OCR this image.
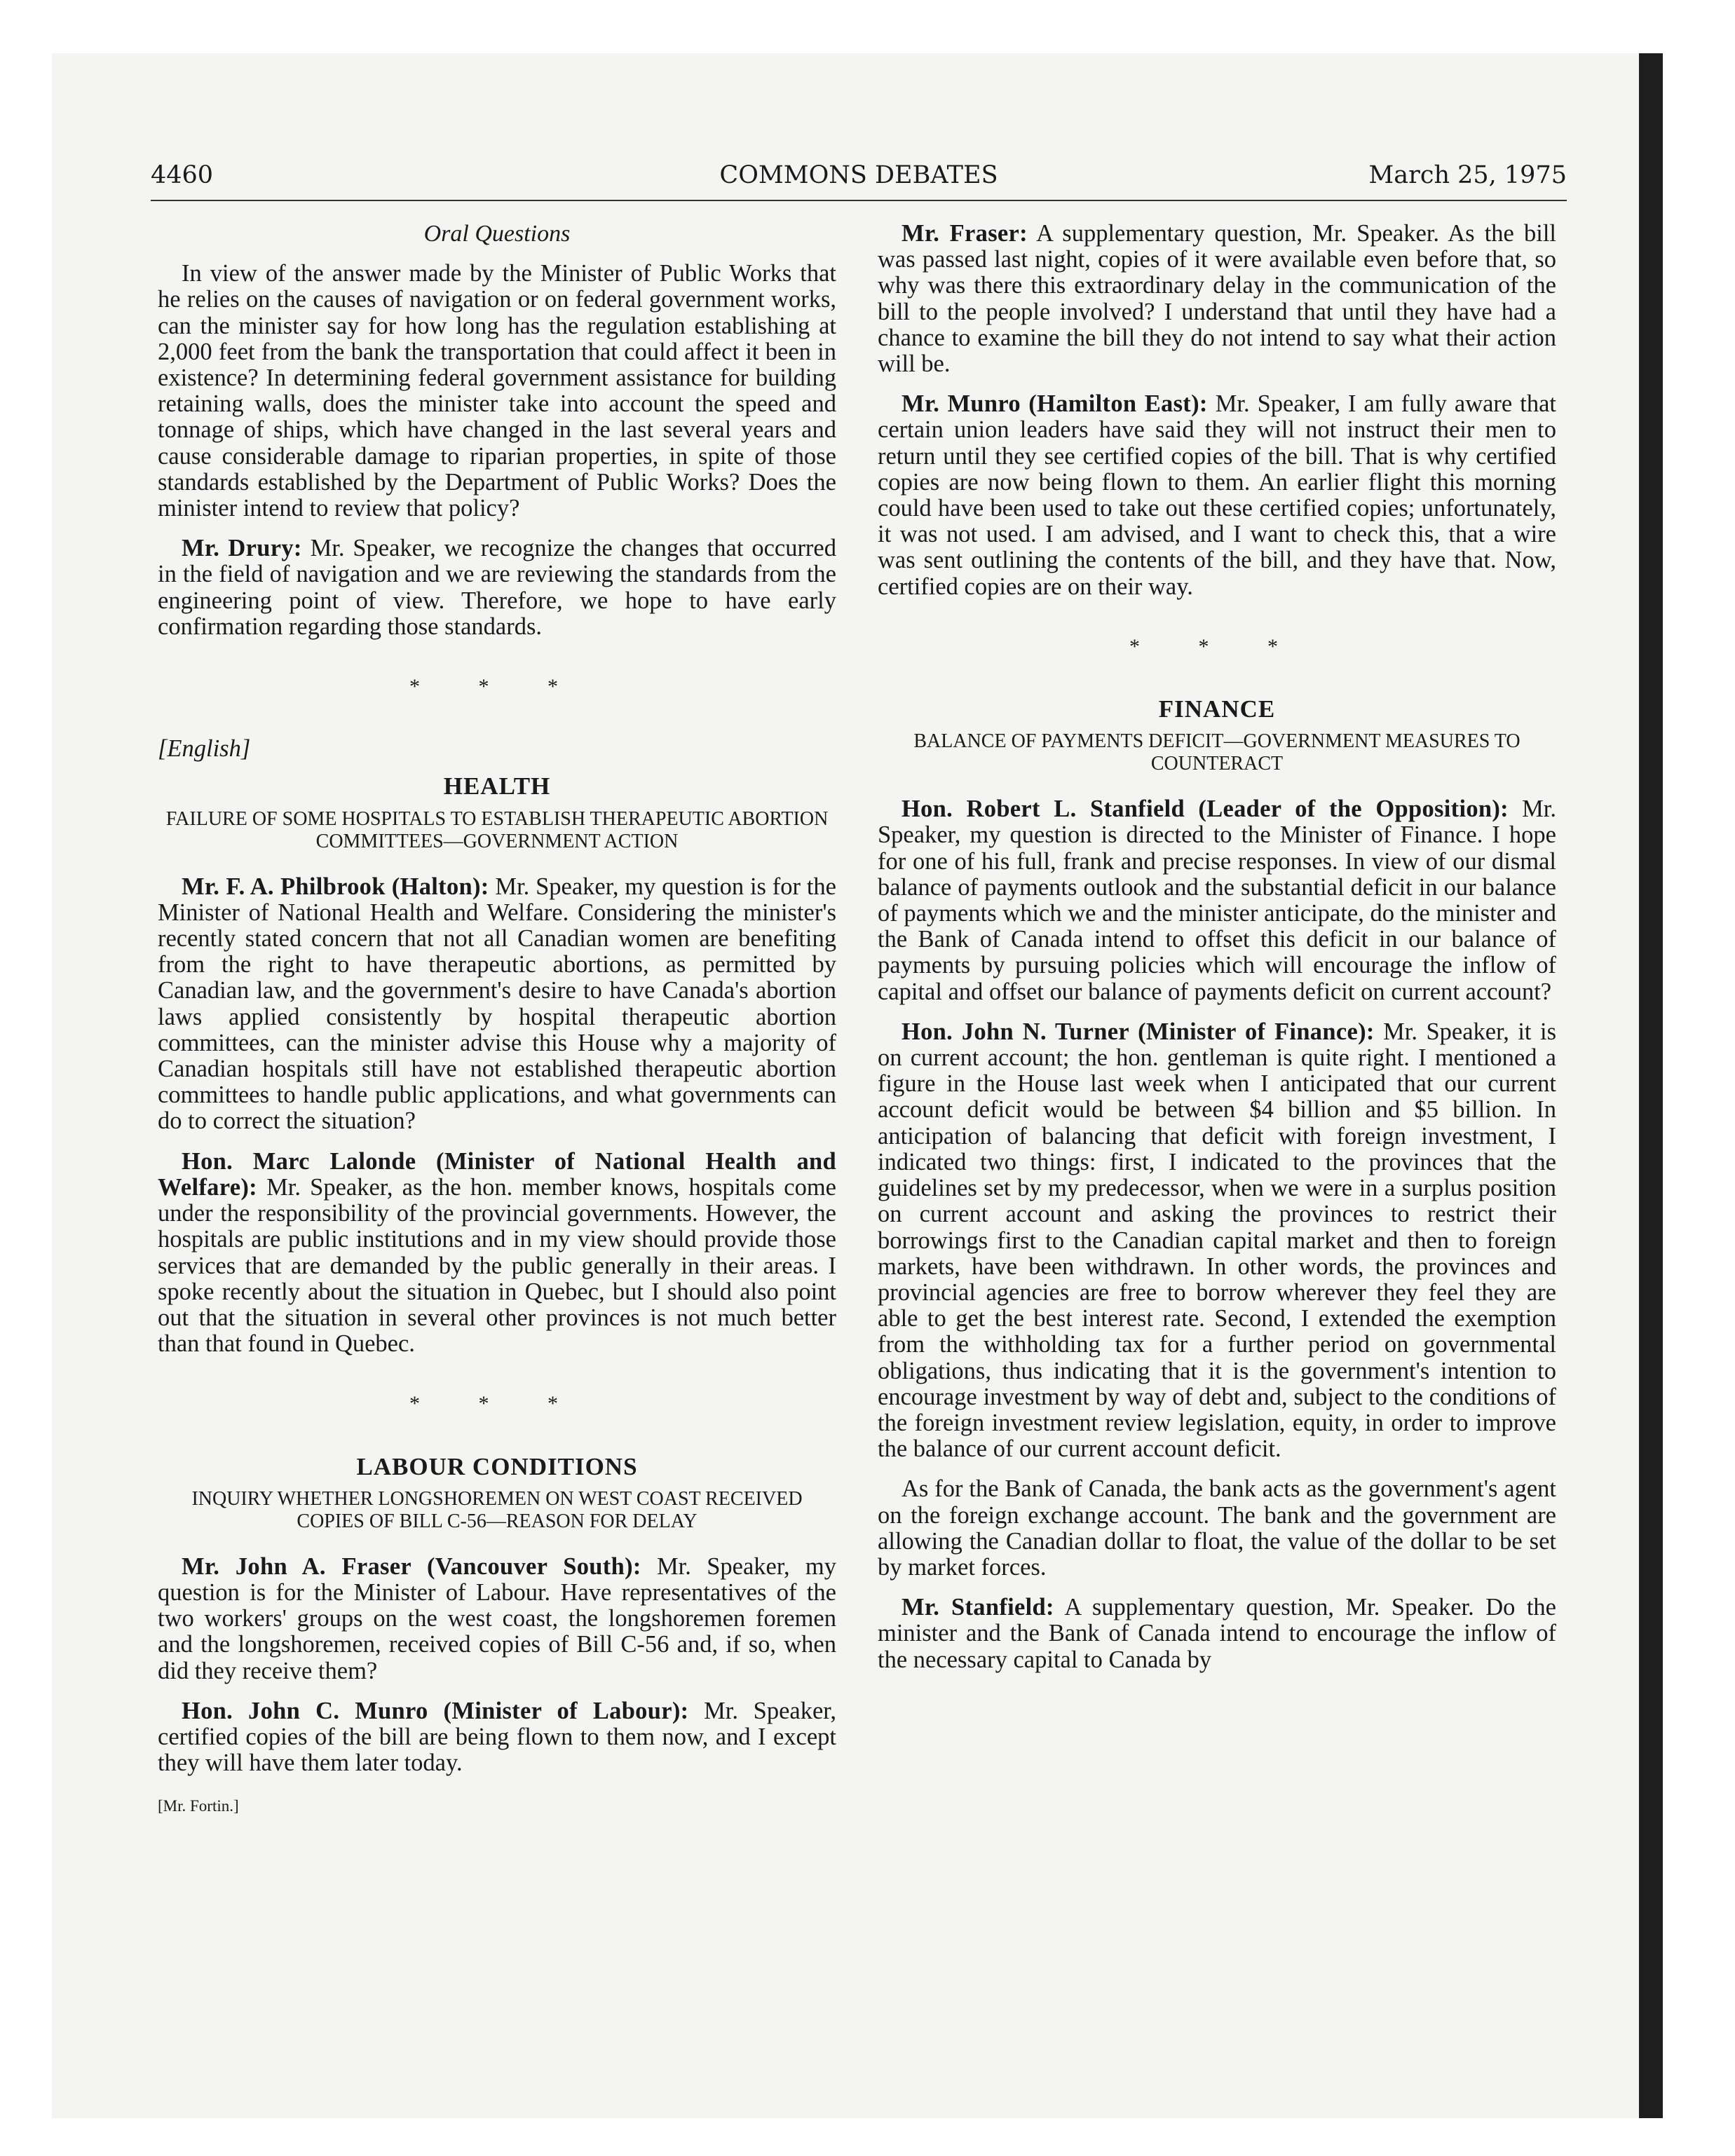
4460	COMMONS DEBATES	March 25, 1975

Oral Questions

In view of the answer made by the Minister of Public Works that he relies on the causes of navigation or on federal government works, can the minister say for how long has the regulation establishing at 2,000 feet from the bank the transportation that could affect it been in existence? In determining federal government assistance for building retaining walls, does the minister take into account the speed and tonnage of ships, which have changed in the last several years and cause considerable damage to riparian properties, in spite of those standards established by the Department of Public Works? Does the minister intend to review that policy?

Mr. Drury: Mr. Speaker, we recognize the changes that occurred in the field of navigation and we are reviewing the standards from the engineering point of view. Therefore, we hope to have early confirmation regarding those standards.

* * *

[English]

HEALTH

FAILURE OF SOME HOSPITALS TO ESTABLISH THERAPEUTIC ABORTION COMMITTEES—GOVERNMENT ACTION

Mr. F. A. Philbrook (Halton): Mr. Speaker, my question is for the Minister of National Health and Welfare. Considering the minister's recently stated concern that not all Canadian women are benefiting from the right to have therapeutic abortions, as permitted by Canadian law, and the government's desire to have Canada's abortion laws applied consistently by hospital therapeutic abortion committees, can the minister advise this House why a majority of Canadian hospitals still have not established therapeutic abortion committees to handle public applications, and what governments can do to correct the situation?

Hon. Marc Lalonde (Minister of National Health and Welfare): Mr. Speaker, as the hon. member knows, hospitals come under the responsibility of the provincial governments. However, the hospitals are public institutions and in my view should provide those services that are demanded by the public generally in their areas. I spoke recently about the situation in Quebec, but I should also point out that the situation in several other provinces is not much better than that found in Quebec.

* * *

LABOUR CONDITIONS

INQUIRY WHETHER LONGSHOREMEN ON WEST COAST RECEIVED COPIES OF BILL C-56—REASON FOR DELAY

Mr. John A. Fraser (Vancouver South): Mr. Speaker, my question is for the Minister of Labour. Have representatives of the two workers' groups on the west coast, the longshoremen foremen and the longshoremen, received copies of Bill C-56 and, if so, when did they receive them?

Hon. John C. Munro (Minister of Labour): Mr. Speaker, certified copies of the bill are being flown to them now, and I except they will have them later today.

[Mr. Fortin.]

Mr. Fraser: A supplementary question, Mr. Speaker. As the bill was passed last night, copies of it were available even before that, so why was there this extraordinary delay in the communication of the bill to the people involved? I understand that until they have had a chance to examine the bill they do not intend to say what their action will be.

Mr. Munro (Hamilton East): Mr. Speaker, I am fully aware that certain union leaders have said they will not instruct their men to return until they see certified copies of the bill. That is why certified copies are now being flown to them. An earlier flight this morning could have been used to take out these certified copies; unfortunately, it was not used. I am advised, and I want to check this, that a wire was sent outlining the contents of the bill, and they have that. Now, certified copies are on their way.

* * *

FINANCE

BALANCE OF PAYMENTS DEFICIT—GOVERNMENT MEASURES TO COUNTERACT

Hon. Robert L. Stanfield (Leader of the Opposition): Mr. Speaker, my question is directed to the Minister of Finance. I hope for one of his full, frank and precise responses. In view of our dismal balance of payments outlook and the substantial deficit in our balance of payments which we and the minister anticipate, do the minister and the Bank of Canada intend to offset this deficit in our balance of payments by pursuing policies which will encourage the inflow of capital and offset our balance of payments deficit on current account?

Hon. John N. Turner (Minister of Finance): Mr. Speaker, it is on current account; the hon. gentleman is quite right. I mentioned a figure in the House last week when I anticipated that our current account deficit would be between $4 billion and $5 billion. In anticipation of balancing that deficit with foreign investment, I indicated two things: first, I indicated to the provinces that the guidelines set by my predecessor, when we were in a surplus position on current account and asking the provinces to restrict their borrowings first to the Canadian capital market and then to foreign markets, have been withdrawn. In other words, the provinces and provincial agencies are free to borrow wherever they feel they are able to get the best interest rate. Second, I extended the exemption from the withholding tax for a further period on governmental obligations, thus indicating that it is the government's intention to encourage investment by way of debt and, subject to the conditions of the foreign investment review legislation, equity, in order to improve the balance of our current account deficit.

As for the Bank of Canada, the bank acts as the government's agent on the foreign exchange account. The bank and the government are allowing the Canadian dollar to float, the value of the dollar to be set by market forces.

Mr. Stanfield: A supplementary question, Mr. Speaker. Do the minister and the Bank of Canada intend to encourage the inflow of the necessary capital to Canada by
